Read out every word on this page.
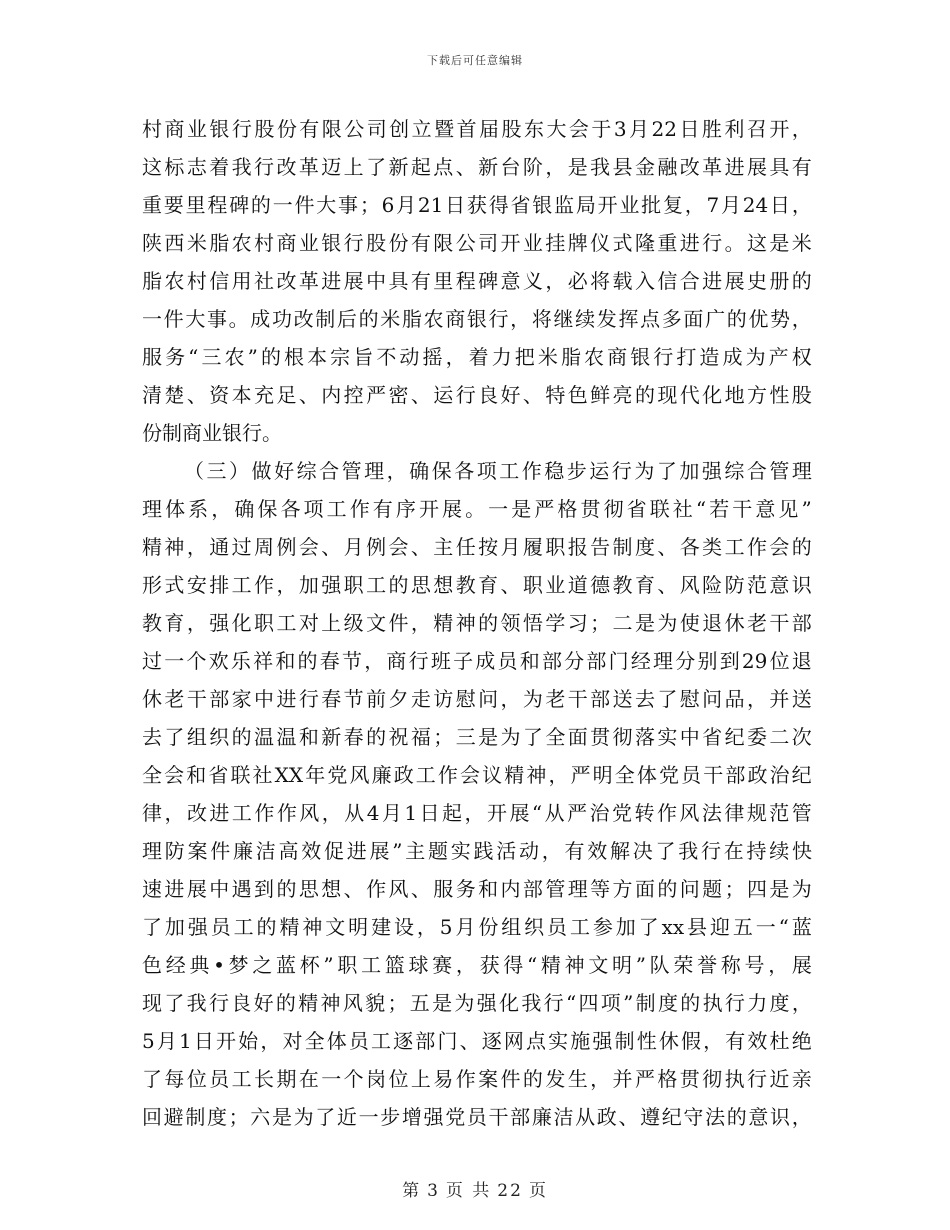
下载后可任意编辑
村 商 业 银 行 股 份 有 限 公 司 创 立 暨 首 届 股 东 大 会 于 3 月 22 日 胜 利 召 开 ，
这 标 志 着 我 行 改 革 迈 上 了 新 起 点 、 新 台 阶 ， 是 我 县 金 融 改 革 进 展 具 有
重 要 里 程 碑 的 一 件 大 事 ； 6 月 21 日 获 得 省 银 监 局 开 业 批 复 ， 7 月 24 日 ，
陕 西 米 脂 农 村 商 业 银 行 股 份 有 限 公 司 开 业 挂 牌 仪 式 隆 重 进 行 。 这 是 米
脂 农 村 信 用 社 改 革 进 展 中 具 有 里 程 碑 意 义 ， 必 将 载 入 信 合 进 展 史 册 的
一 件 大 事 。 成 功 改 制 后 的 米 脂 农 商 银 行 ， 将 继 续 发 挥 点 多 面 广 的 优 势 ，
服 务 “ 三 农 ” 的 根 本 宗 旨 不 动 摇 ， 着 力 把 米 脂 农 商 银 行 打 造 成 为 产 权
清 楚 、 资 本 充 足 、 内 控 严 密 、 运 行 良 好 、 特 色 鲜 亮 的 现 代 化 地 方 性 股
份制商业银行。
（ 三 ） 做 好 综 合 管 理 ， 确 保 各 项 工 作 稳 步 运 行 为 了 加 强 综 合 管 理
理 体 系 ， 确 保 各 项 工 作 有 序 开 展 。 一 是 严 格 贯 彻 省 联 社 “ 若 干 意 见 ”
精 神 ， 通 过 周 例 会 、 月 例 会 、 主 任 按 月 履 职 报 告 制 度 、 各 类 工 作 会 的
形 式 安 排 工 作 ， 加 强 职 工 的 思 想 教 育 、 职 业 道 德 教 育 、 风 险 防 范 意 识
教 育 ， 强 化 职 工 对 上 级 文 件 ， 精 神 的 领 悟 学 习 ； 二 是 为 使 退 休 老 干 部
过 一 个 欢 乐 祥 和 的 春 节 ， 商 行 班 子 成 员 和 部 分 部 门 经 理 分 别 到 29 位 退
休 老 干 部 家 中 进 行 春 节 前 夕 走 访 慰 问 ， 为 老 干 部 送 去 了 慰 问 品 ， 并 送
去 了 组 织 的 温 温 和 新 春 的 祝 福 ； 三 是 为 了 全 面 贯 彻 落 实 中 省 纪 委 二 次
全 会 和 省 联 社 XX 年 党 风 廉 政 工 作 会 议 精 神 ， 严 明 全 体 党 员 干 部 政 治 纪
律 ， 改 进 工 作 作 风 ， 从 4 月 1 日 起 ， 开 展 “ 从 严 治 党 转 作 风 法 律 规 范 管
理 防 案 件 廉 洁 高 效 促 进 展 ” 主 题 实 践 活 动 ， 有 效 解 决 了 我 行 在 持 续 快
速 进 展 中 遇 到 的 思 想 、 作 风 、 服 务 和 内 部 管 理 等 方 面 的 问 题 ； 四 是 为
了 加 强 员 工 的 精 神 文 明 建 设 ， 5 月 份 组 织 员 工 参 加 了 xx 县 迎 五 一 “ 蓝
色 经 典 • 梦 之 蓝 杯 ” 职 工 篮 球 赛 ， 获 得 “ 精 神 文 明 ” 队 荣 誉 称 号 ， 展
现 了 我 行 良 好 的 精 神 风 貌 ； 五 是 为 强 化 我 行 “ 四 项 ” 制 度 的 执 行 力 度 ，
5 月 1 日 开 始 ， 对 全 体 员 工 逐 部 门 、 逐 网 点 实 施 强 制 性 休 假 ， 有 效 杜 绝
了 每 位 员 工 长 期 在 一 个 岗 位 上 易 作 案 件 的 发 生 ， 并 严 格 贯 彻 执 行 近 亲
回 避 制 度 ； 六 是 为 了 近 一 步 增 强 党 员 干 部 廉 洁 从 政 、 遵 纪 守 法 的 意 识 ，
第 3 页 共 22 页
